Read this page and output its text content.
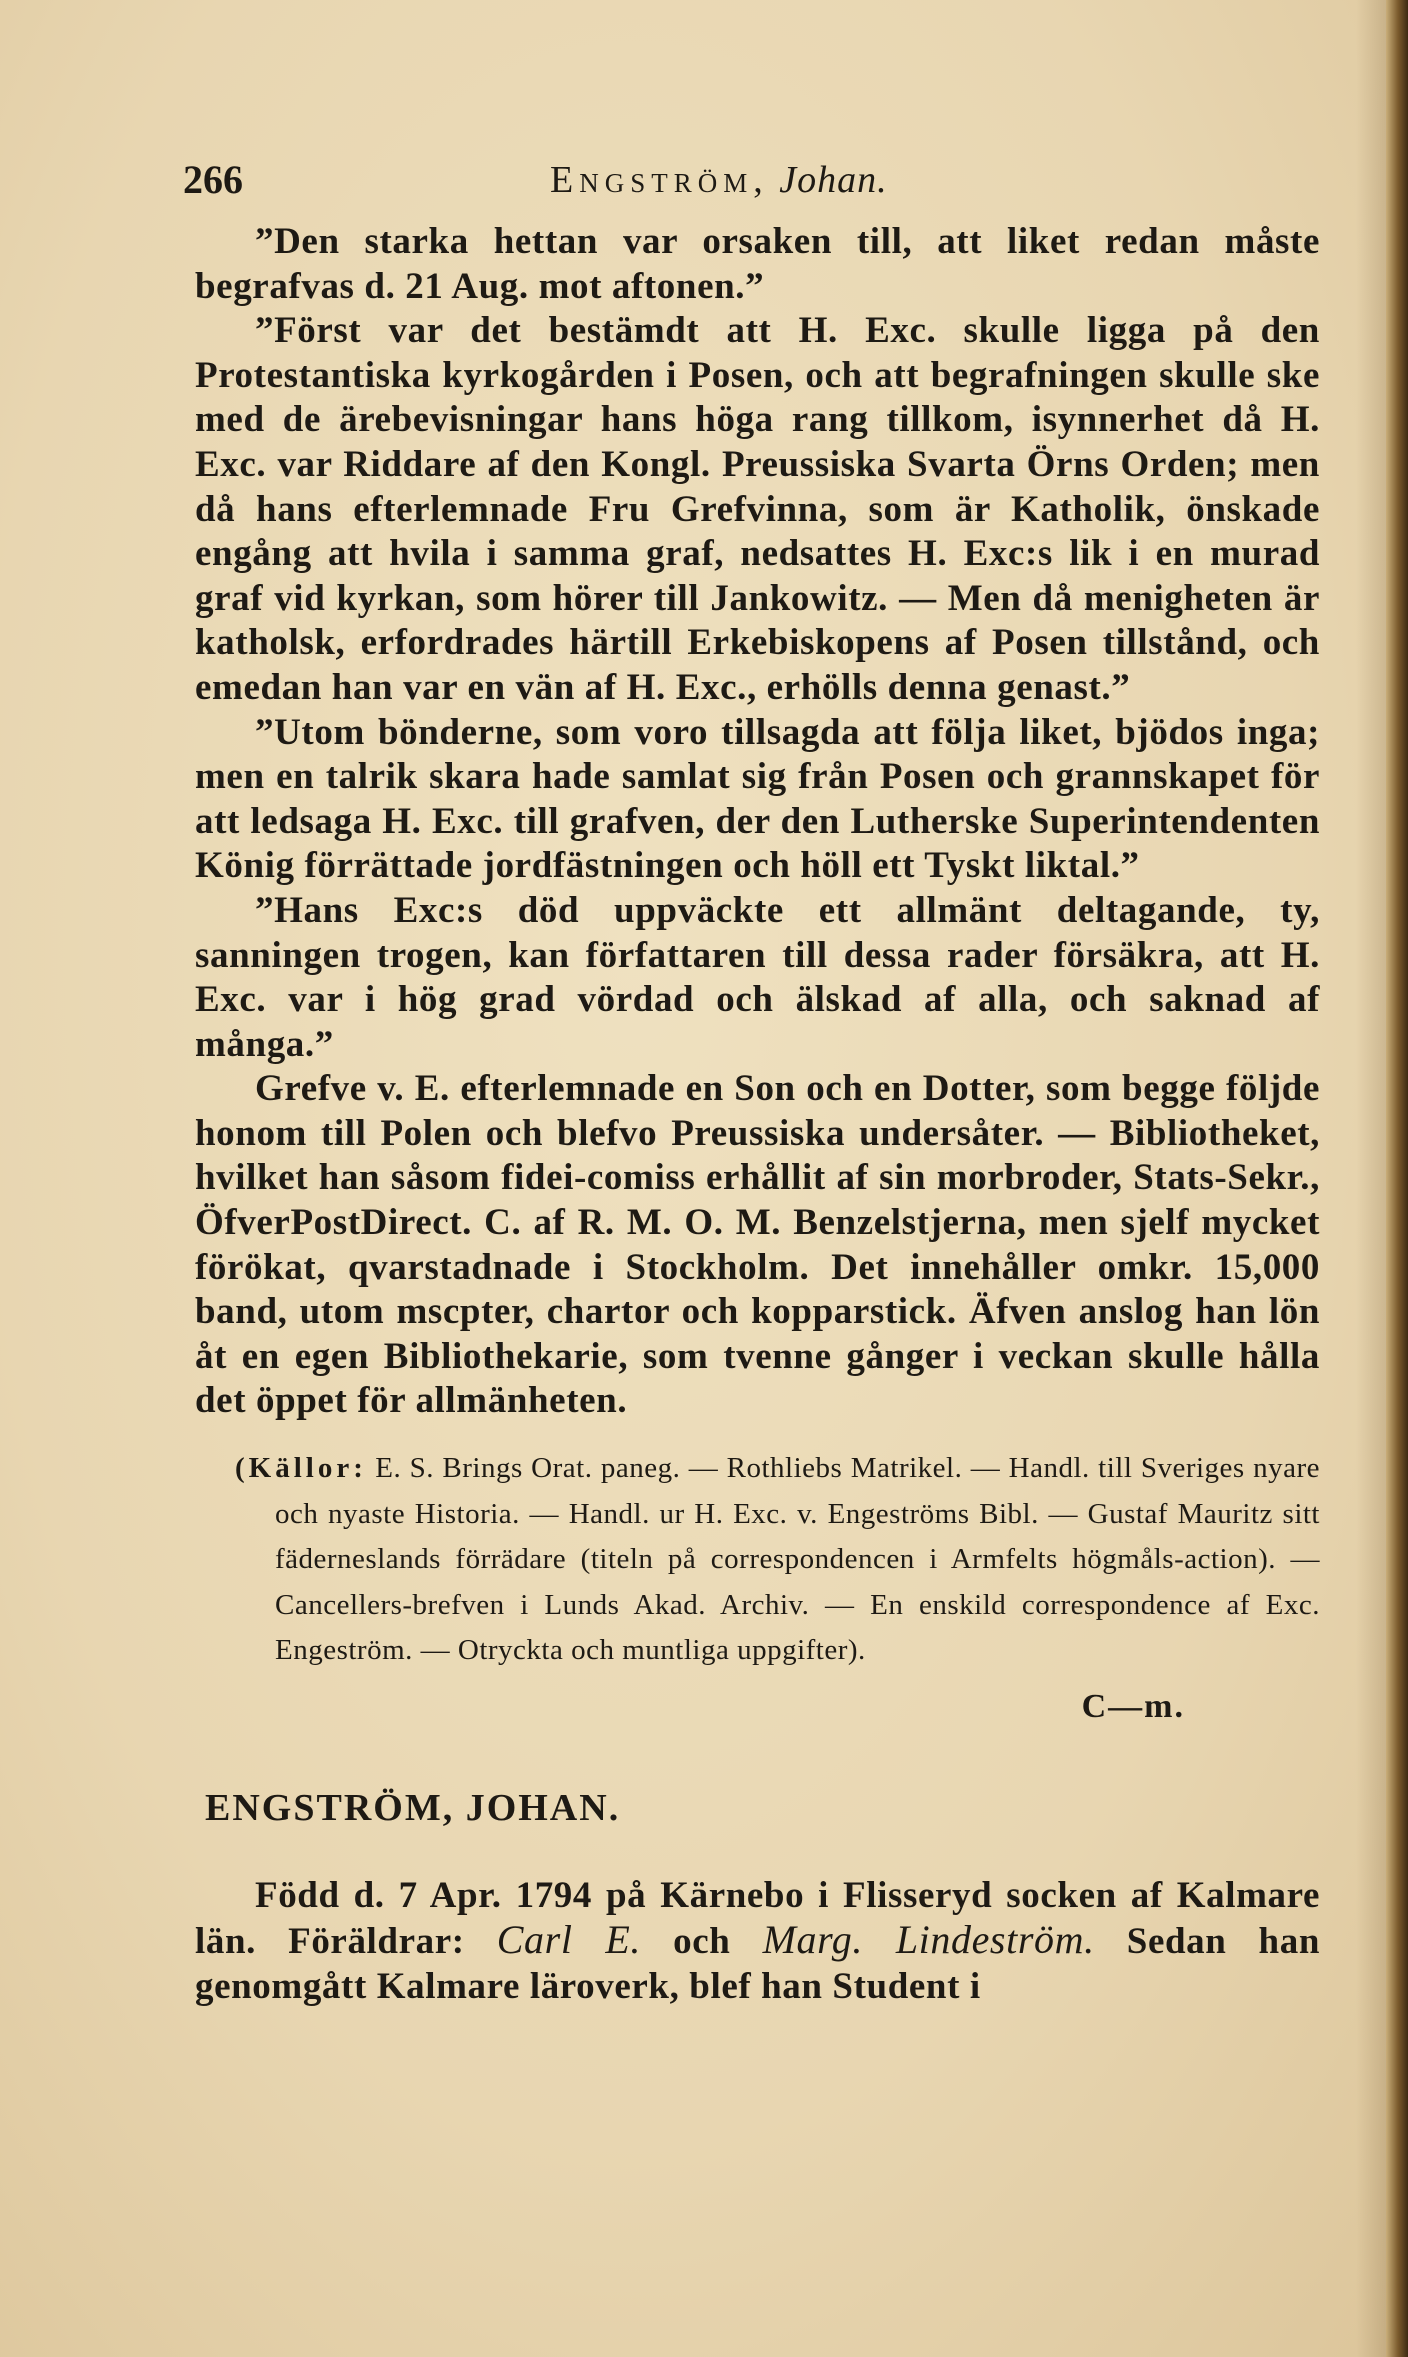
266	Engström, Johan.

”Den starka hettan var orsaken till, att liket redan måste begrafvas d. 21 Aug. mot aftonen.”

”Först var det bestämdt att H. Exc. skulle ligga på den Protestantiska kyrkogården i Posen, och att begrafningen skulle ske med de ärebevisningar hans höga rang tillkom, isynnerhet då H. Exc. var Riddare af den Kongl. Preussiska Svarta Örns Orden; men då hans efterlemnade Fru Grefvinna, som är Katholik, önskade engång att hvila i samma graf, nedsattes H. Exc:s lik i en murad graf vid kyrkan, som hörer till Jankowitz. — Men då menigheten är katholsk, erfordrades härtill Erkebiskopens af Posen tillstånd, och emedan han var en vän af H. Exc., erhölls denna genast.”

”Utom bönderne, som voro tillsagda att följa liket, bjödos inga; men en talrik skara hade samlat sig från Posen och grannskapet för att ledsaga H. Exc. till grafven, der den Lutherske Superintendenten König förrättade jordfästningen och höll ett Tyskt liktal.”

”Hans Exc:s död uppväckte ett allmänt deltagande, ty, sanningen trogen, kan författaren till dessa rader försäkra, att H. Exc. var i hög grad vördad och älskad af alla, och saknad af många.”

Grefve v. E. efterlemnade en Son och en Dotter, som begge följde honom till Polen och blefvo Preussiska undersåter. — Bibliotheket, hvilket han såsom fidei-comiss erhållit af sin morbroder, Stats-Sekr., ÖfverPostDirect. C. af R. M. O. M. Benzelstjerna, men sjelf mycket förökat, qvarstadnade i Stockholm. Det innehåller omkr. 15,000 band, utom mscpter, chartor och kopparstick. Äfven anslog han lön åt en egen Bibliothekarie, som tvenne gånger i veckan skulle hålla det öppet för allmänheten.

(Källor: E. S. Brings Orat. paneg. — Rothliebs Matrikel. — Handl. till Sveriges nyare och nyaste Historia. — Handl. ur H. Exc. v. Engeströms Bibl. — Gustaf Mauritz sitt fäderneslands förrädare (titeln på correspondencen i Armfelts högmåls-action). — Cancellers-brefven i Lunds Akad. Archiv. — En enskild correspondence af Exc. Engeström. — Otryckta och muntliga uppgifter).
C—m.
ENGSTRÖM, JOHAN.

Född d. 7 Apr. 1794 på Kärnebo i Flisseryd socken af Kalmare län. Föräldrar: Carl E. och Marg. Lindeström. Sedan han genomgått Kalmare läroverk, blef han Student i
